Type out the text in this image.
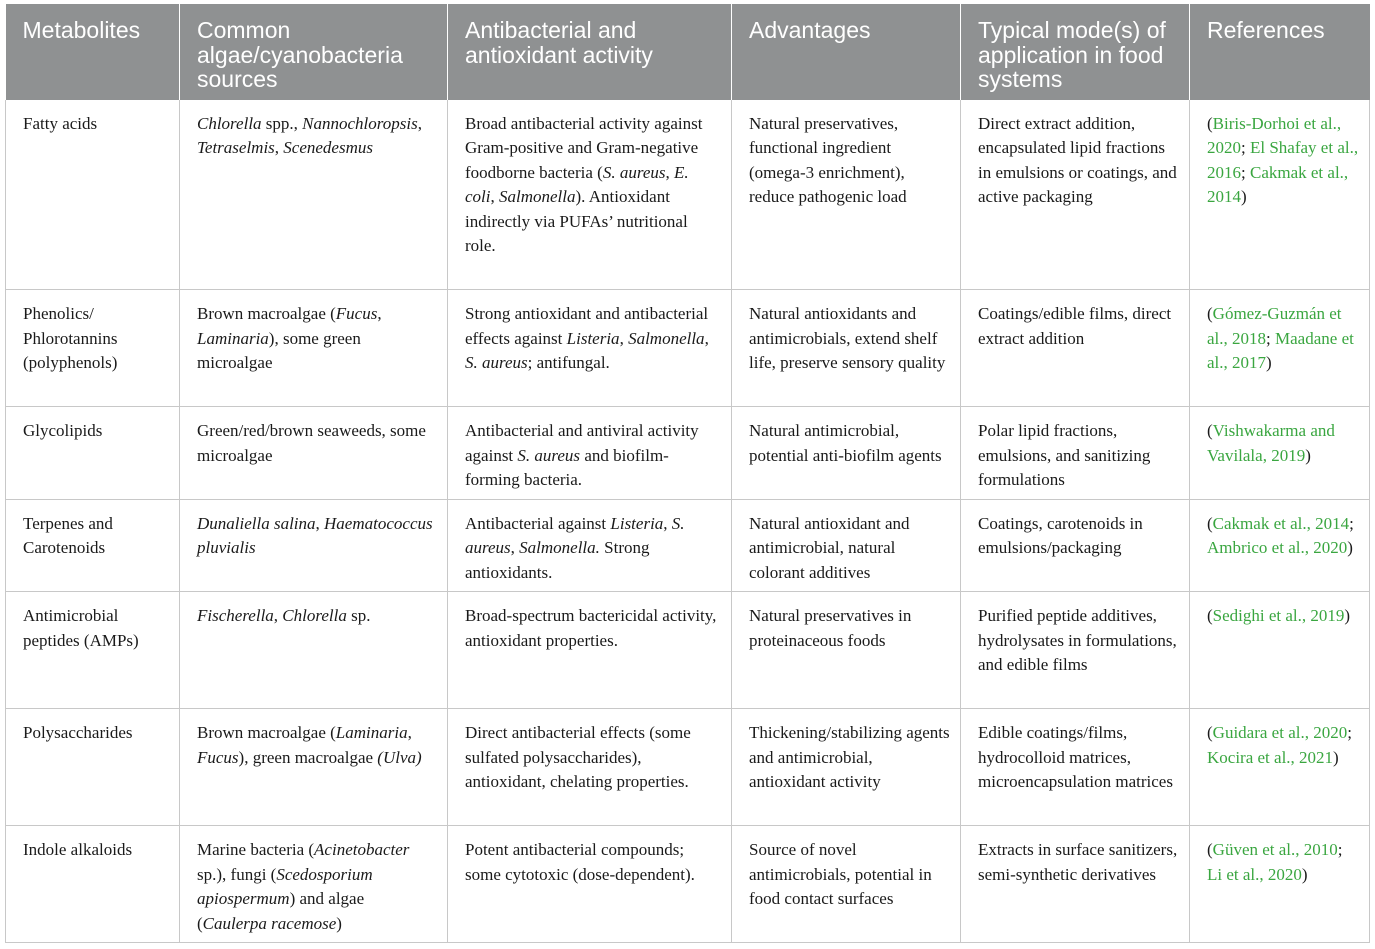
Metabolites	Common algae/cyanobacteria sources	Antibacterial and antioxidant activity	Advantages	Typical mode(s) of application in food systems	References
Fatty acids	Chlorella spp., Nannochloropsis, Tetraselmis, Scenedesmus	Broad antibacterial activity against Gram-positive and Gram-negative foodborne bacteria (S. aureus, E. coli, Salmonella). Antioxidant indirectly via PUFAs’ nutritional role.	Natural preservatives, functional ingredient (omega-3 enrichment), reduce pathogenic load	Direct extract addition, encapsulated lipid fractions in emulsions or coatings, and active packaging	(Biris-Dorhoi et al., 2020; El Shafay et al., 2016; Cakmak et al., 2014)
Phenolics/ Phlorotannins (polyphenols)	Brown macroalgae (Fucus, Laminaria), some green microalgae	Strong antioxidant and antibacterial effects against Listeria, Salmonella, S. aureus; antifungal.	Natural antioxidants and antimicrobials, extend shelf life, preserve sensory quality	Coatings/edible films, direct extract addition	(Gómez-Guzmán et al., 2018; Maadane et al., 2017)
Glycolipids	Green/red/brown seaweeds, some microalgae	Antibacterial and antiviral activity against S. aureus and biofilm-forming bacteria.	Natural antimicrobial, potential anti-biofilm agents	Polar lipid fractions, emulsions, and sanitizing formulations	(Vishwakarma and Vavilala, 2019)
Terpenes and Carotenoids	Dunaliella salina, Haematococcus pluvialis	Antibacterial against Listeria, S. aureus, Salmonella. Strong antioxidants.	Natural antioxidant and antimicrobial, natural colorant additives	Coatings, carotenoids in emulsions/packaging	(Cakmak et al., 2014; Ambrico et al., 2020)
Antimicrobial peptides (AMPs)	Fischerella, Chlorella sp.	Broad-spectrum bactericidal activity, antioxidant properties.	Natural preservatives in proteinaceous foods	Purified peptide additives, hydrolysates in formulations, and edible films	(Sedighi et al., 2019)
Polysaccharides	Brown macroalgae (Laminaria, Fucus), green macroalgae (Ulva)	Direct antibacterial effects (some sulfated polysaccharides), antioxidant, chelating properties.	Thickening/stabilizing agents and antimicrobial, antioxidant activity	Edible coatings/films, hydrocolloid matrices, microencapsulation matrices	(Guidara et al., 2020; Kocira et al., 2021)
Indole alkaloids	Marine bacteria (Acinetobacter sp.), fungi (Scedosporium apiospermum) and algae (Caulerpa racemose)	Potent antibacterial compounds; some cytotoxic (dose-dependent).	Source of novel antimicrobials, potential in food contact surfaces	Extracts in surface sanitizers, semi-synthetic derivatives	(Güven et al., 2010; Li et al., 2020)
